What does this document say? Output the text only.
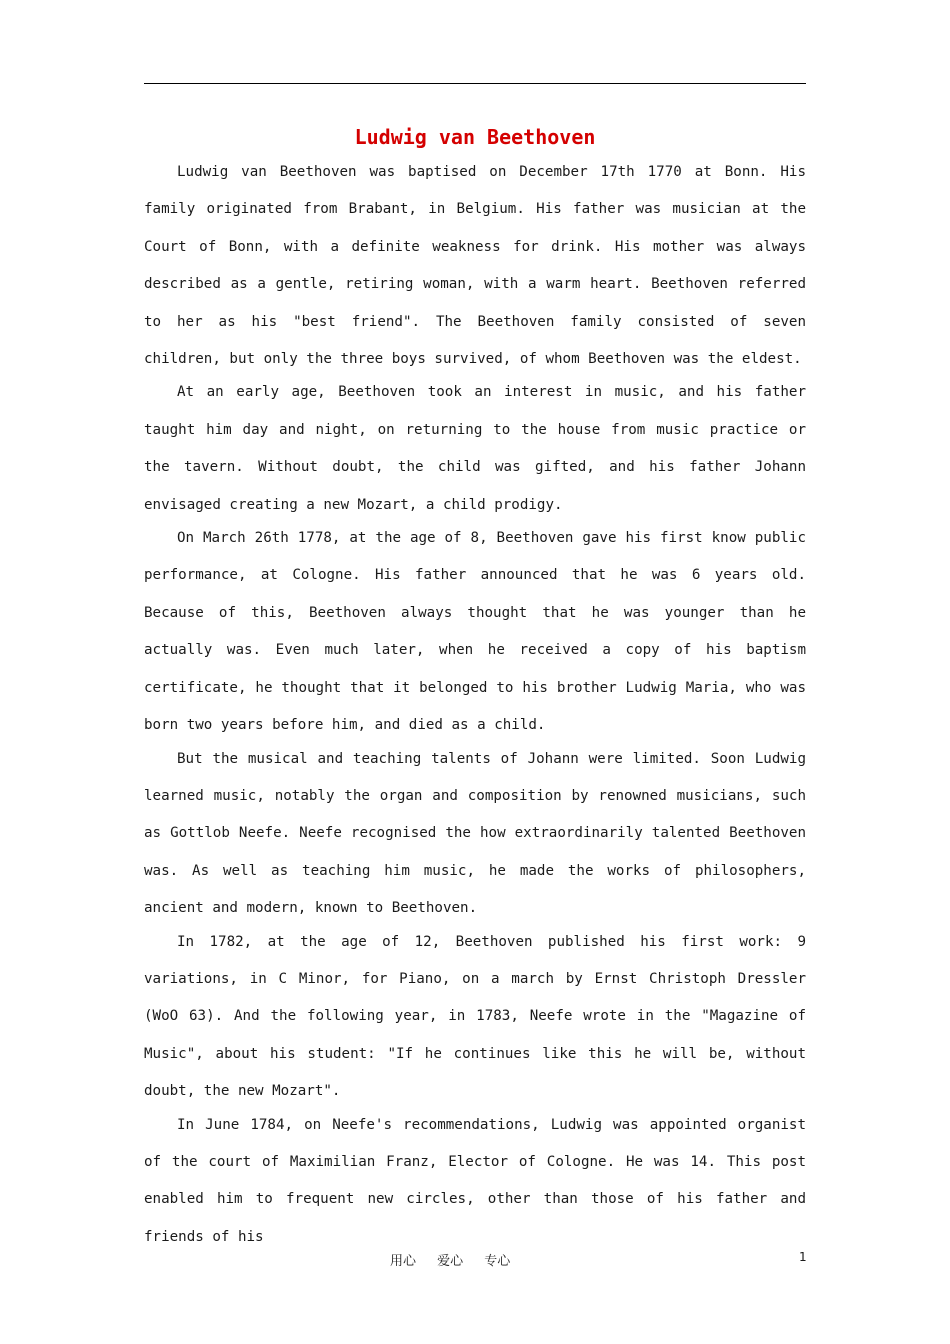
Ludwig van Beethoven

Ludwig van Beethoven was baptised on December 17th 1770 at Bonn. His family originated from Brabant, in Belgium. His father was musician at the Court of Bonn, with a definite weakness for drink. His mother was always described as a gentle, retiring woman, with a warm heart. Beethoven referred to her as his "best friend". The Beethoven family consisted of seven children, but only the three boys survived, of whom Beethoven was the eldest.

At an early age, Beethoven took an interest in music, and his father taught him day and night, on returning to the house from music practice or the tavern. Without doubt, the child was gifted, and his father Johann envisaged creating a new Mozart, a child prodigy.

On March 26th 1778, at the age of 8, Beethoven gave his first know public performance, at Cologne. His father announced that he was 6 years old. Because of this, Beethoven always thought that he was younger than he actually was. Even much later, when he received a copy of his baptism certificate, he thought that it belonged to his brother Ludwig Maria, who was born two years before him, and died as a child.

But the musical and teaching talents of Johann were limited. Soon Ludwig learned music, notably the organ and composition by renowned musicians, such as Gottlob Neefe. Neefe recognised the how extraordinarily talented Beethoven was. As well as teaching him music, he made the works of philosophers, ancient and modern, known to Beethoven.

In 1782, at the age of 12, Beethoven published his first work: 9 variations, in C Minor, for Piano, on a march by Ernst Christoph Dressler (WoO 63). And the following year, in 1783, Neefe wrote in the "Magazine of Music", about his student: "If he continues like this he will be, without doubt, the new Mozart".

In June 1784, on Neefe's recommendations, Ludwig was appointed organist of the court of Maximilian Franz, Elector of Cologne. He was 14. This post enabled him to frequent new circles, other than those of his father and friends of his

用心　 爱心　 专心	1
